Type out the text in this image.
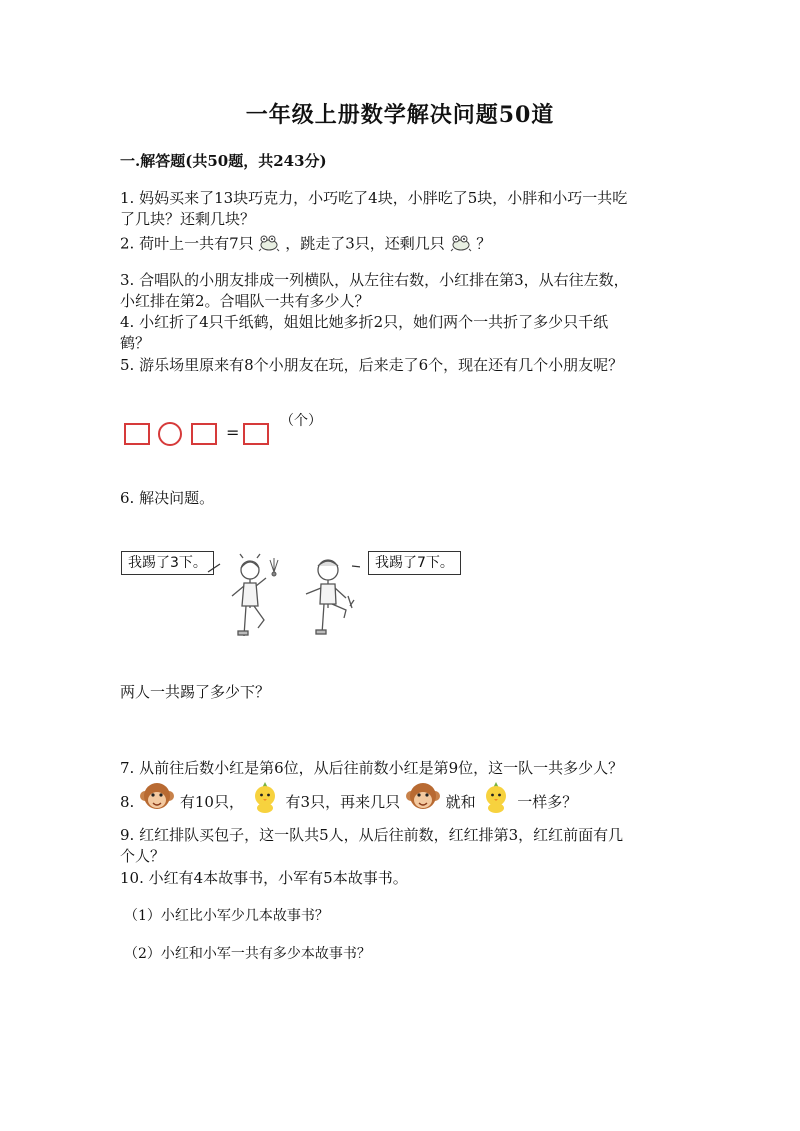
一年级上册数学解决问题50道
一.解答题(共50题，共243分)
1. 妈妈买来了13块巧克力，小巧吃了4块，小胖吃了5块，小胖和小巧一共吃
了几块？还剩几块？
2. 荷叶上一共有7只 ，跳走了3只，还剩几只 ？
3. 合唱队的小朋友排成一列横队，从左往右数，小红排在第3，从右往左数，
小红排在第2。合唱队一共有多少人？
4. 小红折了4只千纸鹤，姐姐比她多折2只，她们两个一共折了多少只千纸
鹤？
5. 游乐场里原来有8个小朋友在玩，后来走了6个，现在还有几个小朋友呢？
=
（个）
6. 解决问题。
我踢了3下。	我踢了7下。
两人一共踢了多少下？
7. 从前往后数小红是第6位，从后往前数小红是第9位，这一队一共多少人？
8.	有10只，	有3只，再来几只	就和	一样多？
9. 红红排队买包子，这一队共5人，从后往前数，红红排第3，红红前面有几
个人？
10. 小红有4本故事书，小军有5本故事书。
（1）小红比小军少几本故事书？
（2）小红和小军一共有多少本故事书？
